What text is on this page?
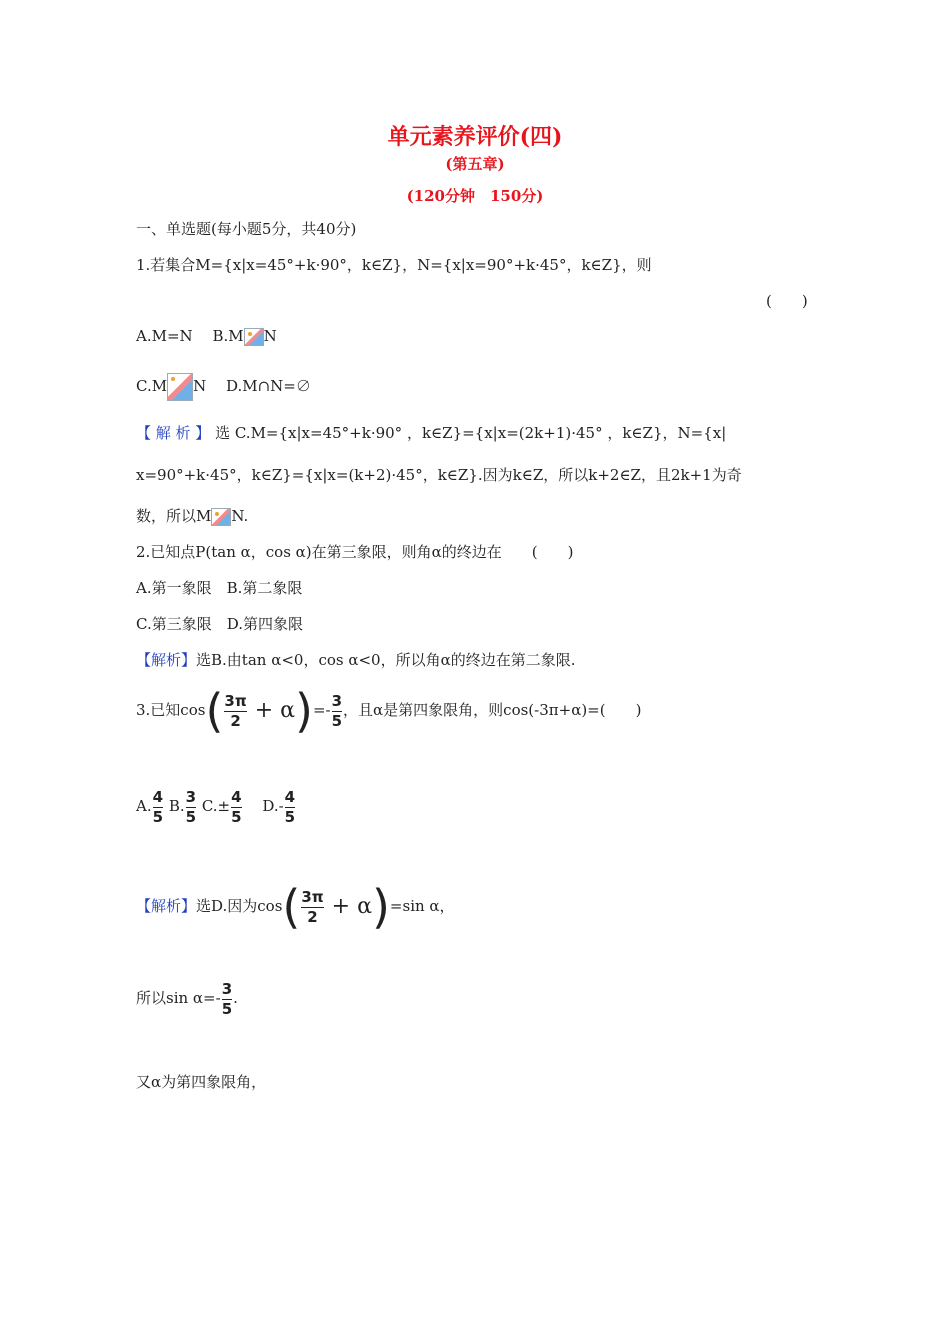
单元素养评价(四)
(第五章)
(120分钟　150分)
一、单选题(每小题5分，共40分)
1.若集合M={x|x=45°+k·90°，k∈Z}，N={x|x=90°+k·45°，k∈Z}，则
(　　)
A.M=N　 B.M N
C.M N　 D.M∩N=∅
【 解 析 】 选 C.M={x|x=45°+k·90° ，k∈Z}={x|x=(2k+1)·45° ，k∈Z}，N={x|
x=90°+k·45°，k∈Z}={x|x=(k+2)·45°，k∈Z}.因为k∈Z，所以k+2∈Z，且2k+1为奇
数，所以M N.
2.已知点P(tan α，cos α)在第三象限，则角α的终边在　　(　　)
A.第一象限　B.第二象限
C.第三象限　D.第四象限
【解析】选B.由tan α<0，cos α<0，所以角α的终边在第二象限.
3.已知$\cos( \frac{3\pi}{2} + \alpha)=- \frac{3}{5}$ ，且α是第四象限角，则cos(-3π+α)=(　　)
A. $\frac{4}{5} B$. $\frac{3}{5} C.\pm \frac{4}{5}$
　 $D.- \frac{4}{5}$
【解析】选D.因为$\cos( \frac{3\pi}{2} + \alpha)=\sin$ α，
所以$\sin \alpha=- \frac{3}{5}$ .
又α为第四象限角，
